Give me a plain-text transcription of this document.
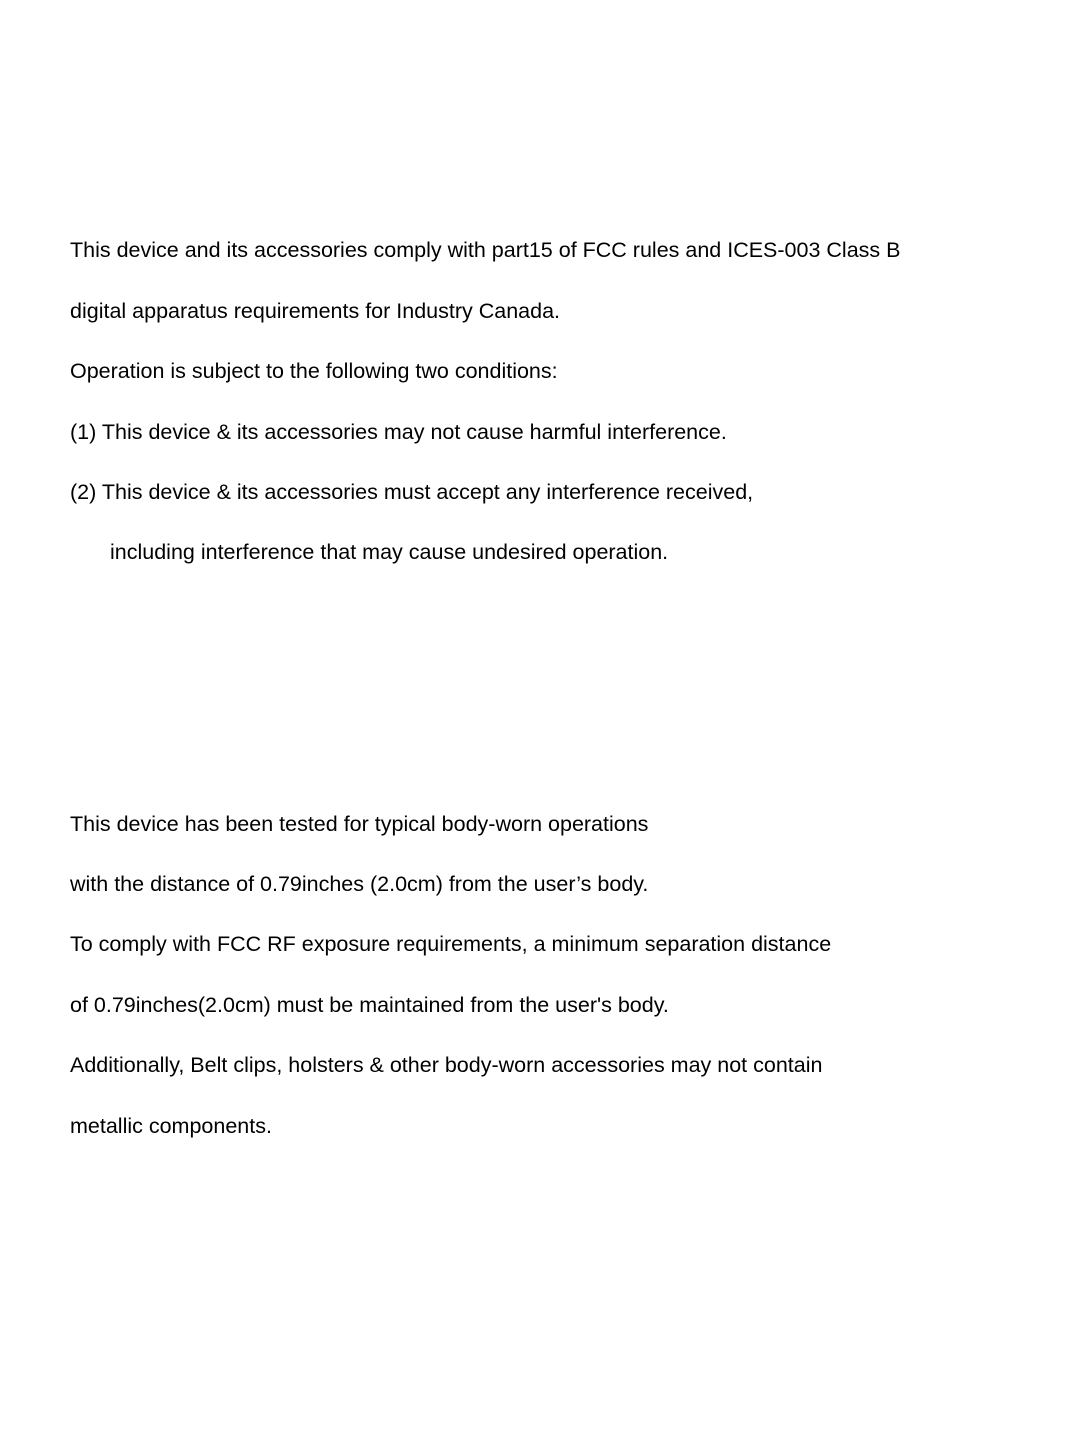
This device and its accessories comply with part15 of FCC rules and ICES-003 Class B

digital apparatus requirements for Industry Canada.

Operation is subject to the following two conditions:

(1) This device & its accessories may not cause harmful interference.

(2) This device & its accessories must accept any interference received,

including interference that may cause undesired operation.

This device has been tested for typical body-worn operations

with the distance of 0.79inches (2.0cm) from the user’s body.

To comply with FCC RF exposure requirements, a minimum separation distance

of 0.79inches(2.0cm) must be maintained from the user's body.

Additionally, Belt clips, holsters & other body-worn accessories may not contain

metallic components.
